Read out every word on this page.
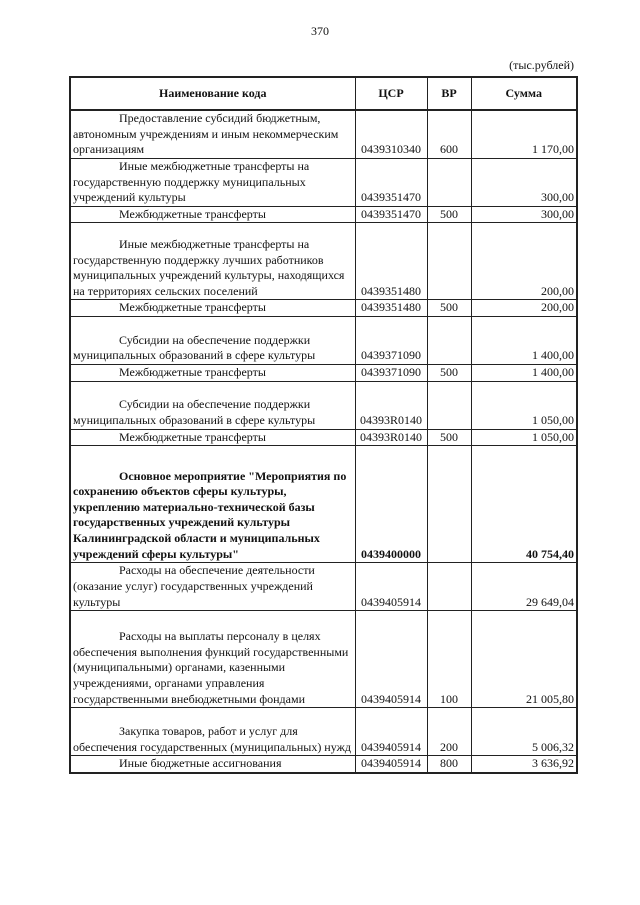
370
(тыс.рублей)
Наименование кода	ЦСР	ВР	Сумма

Предоставление субсидий бюджетным, автономным учреждениям и иным некоммерческим организациям	0439310340	600	1 170,00

Иные межбюджетные трансферты на государственную поддержку муниципальных учреждений культуры	0439351470		300,00

Межбюджетные трансферты	0439351470	500	300,00

Иные межбюджетные трансферты на государственную поддержку лучших работников муниципальных учреждений культуры, находящихся на территориях сельских поселений	0439351480		200,00

Межбюджетные трансферты	0439351480	500	200,00

Субсидии на обеспечение поддержки муниципальных образований в сфере культуры	0439371090		1 400,00

Межбюджетные трансферты	0439371090	500	1 400,00

Субсидии на обеспечение поддержки муниципальных образований в сфере культуры	04393R0140		1 050,00

Межбюджетные трансферты	04393R0140	500	1 050,00

Основное мероприятие "Мероприятия по сохранению объектов сферы культуры, укреплению материально-технической базы государственных учреждений культуры Калининградской области и муниципальных учреждений сферы культуры"	0439400000		40 754,40

Расходы на обеспечение деятельности (оказание услуг) государственных учреждений культуры	0439405914		29 649,04

Расходы на выплаты персоналу в целях обеспечения выполнения функций государственными (муниципальными) органами, казенными учреждениями, органами управления государственными внебюджетными фондами	0439405914	100	21 005,80

Закупка товаров, работ и услуг для обеспечения государственных (муниципальных) нужд	0439405914	200	5 006,32

Иные бюджетные ассигнования	0439405914	800	3 636,92
